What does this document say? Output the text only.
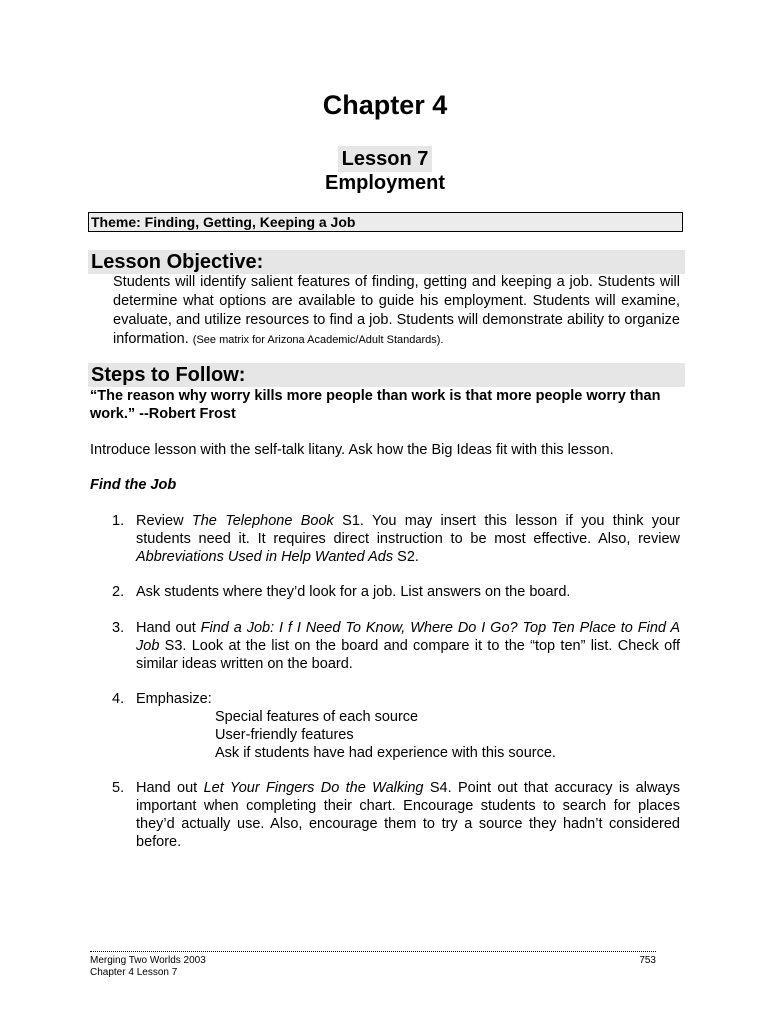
Chapter 4
Lesson 7
Employment
Theme: Finding, Getting, Keeping a Job
Lesson Objective:
Students will identify salient features of finding, getting and keeping a job. Students will determine what options are available to guide his employment. Students will examine, evaluate, and utilize resources to find a job. Students will demonstrate ability to organize information. (See matrix for Arizona Academic/Adult Standards).
Steps to Follow:
“The reason why worry kills more people than work is that more people worry than work.” --Robert Frost
Introduce lesson with the self-talk litany. Ask how the Big Ideas fit with this lesson.
Find the Job
1. Review The Telephone Book S1. You may insert this lesson if you think your students need it. It requires direct instruction to be most effective. Also, review Abbreviations Used in Help Wanted Ads S2.
2. Ask students where they’d look for a job. List answers on the board.
3. Hand out Find a Job: I f I Need To Know, Where Do I Go? Top Ten Place to Find A Job S3. Look at the list on the board and compare it to the “top ten” list. Check off similar ideas written on the board.
4. Emphasize:
Special features of each source
User-friendly features
Ask if students have had experience with this source.
5. Hand out Let Your Fingers Do the Walking S4. Point out that accuracy is always important when completing their chart. Encourage students to search for places they’d actually use. Also, encourage them to try a source they hadn’t considered before.
Merging Two Worlds 2003
Chapter 4 Lesson 7
753
